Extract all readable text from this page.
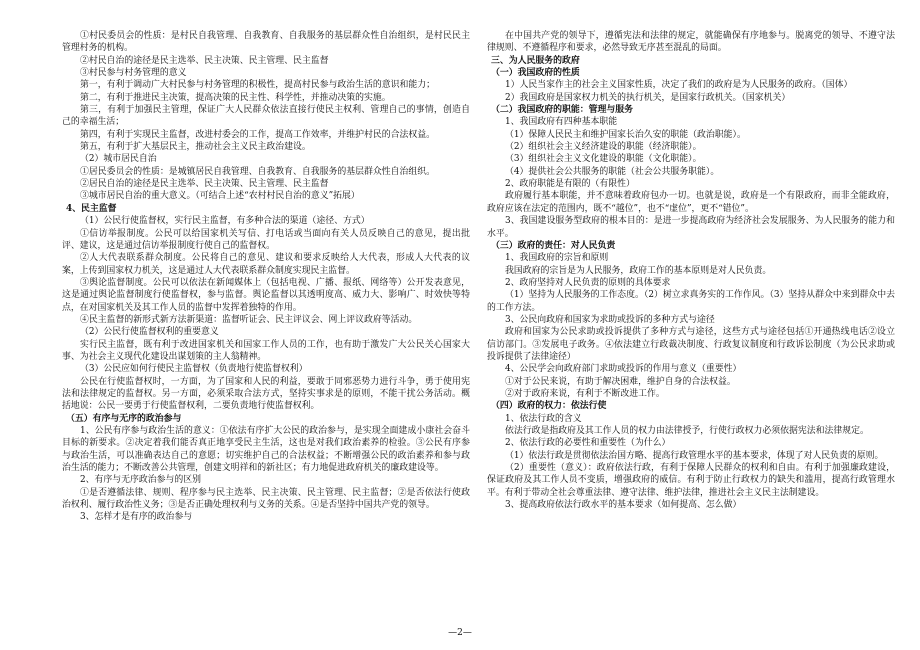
①村民委员会的性质：是村民自我管理、自我教育、自我服务的基层群众性自治组织，是村民民主管理村务的机构。

②村民自治的途径是民主选举、民主决策、民主管理、民主监督

③村民参与村务管理的意义

第一，有利于调动广大村民参与村务管理的积极性，提高村民参与政治生活的意识和能力；

第二，有利于推进民主决策，提高决策的民主性、科学性，并推动决策的实施。

第三，有利于加强民主管理，保证广大人民群众依法直接行使民主权利、管理自己的事情，创造自己的幸福生活；

第四，有利于实现民主监督，改进村委会的工作，提高工作效率，并维护村民的合法权益。

第五，有利于扩大基层民主，推动社会主义民主政治建设。

（2）城市居民自治

①居民委员会的性质：是城镇居民自我管理、自我教育、自我服务的基层群众性自治组织。

②居民自治的途径是民主选举、民主决策、民主管理、民主监督

③城市居民自治的重大意义。（可结合上述“农村村民自治的意义”拓展）

4、民主监督

（1）公民行使监督权，实行民主监督，有多种合法的渠道（途径、方式）

①信访举报制度。公民可以给国家机关写信、打电话或当面向有关人员反映自己的意见，提出批评、建议，这是通过信访举报制度行使自己的监督权。

②人大代表联系群众制度。公民将自己的意见、建议和要求反映给人大代表，形成人大代表的议案，上传到国家权力机关，这是通过人大代表联系群众制度实现民主监督。

③舆论监督制度。公民可以依法在新闻媒体上（包括电视、广播、报纸、网络等）公开发表意见，这是通过舆论监督制度行使监督权，参与监督。舆论监督以其透明度高、威力大、影响广、时效快等特点，在对国家机关及其工作人员的监督中发挥着独特的作用。

④民主监督的新形式新方法新渠道：监督听证会、民主评议会、网上评议政府等活动。

（2）公民行使监督权利的重要意义

实行民主监督，既有利于改进国家机关和国家工作人员的工作，也有助于激发广大公民关心国家大事、为社会主义现代化建设出谋划策的主人翁精神。

（3）公民应如何行使民主监督权（负责地行使监督权利）

公民在行使监督权时，一方面，为了国家和人民的利益，要敢于同邪恶势力进行斗争，勇于使用宪法和法律规定的监督权。另一方面，必须采取合法方式，坚持实事求是的原则，不能干扰公务活动。概括地说：公民一要勇于行使监督权利，二要负责地行使监督权利。

（五）有序与无序的政治参与

1、公民有序参与政治生活的意义：①依法有序扩大公民的政治参与，是实现全面建成小康社会奋斗目标的新要求。②决定着我们能否真正地享受民主生活，这也是对我们政治素养的检验。③公民有序参与政治生活，可以准确表达自己的意愿；切实维护自己的合法权益；不断增强公民的政治素养和参与政治生活的能力；不断改善公共管理，创建文明祥和的新社区；有力地促进政府机关的廉政建设等。

2、有序与无序政治参与的区别

①是否遵循法律、规则、程序参与民主选举、民主决策、民主管理、民主监督；②是否依法行使政治权利、履行政治性义务；③是否正确处理权利与义务的关系。④是否坚持中国共产党的领导。

3、怎样才是有序的政治参与

在中国共产党的领导下，遵循宪法和法律的规定，就能确保有序地参与。脱离党的领导、不遵守法律规则、不遵循程序和要求，必然导致无序甚至混乱的局面。

三、为人民服务的政府

（一）我国政府的性质

1）人民当家作主的社会主义国家性质，决定了我们的政府是为人民服务的政府。（国体）

2）我国政府是国家权力机关的执行机关，是国家行政机关。（国家机关）

（二）我国政府的职能：管理与服务

1、我国政府有四种基本职能

（1）保障人民民主和维护国家长治久安的职能（政治职能）。

（2）组织社会主义经济建设的职能（经济职能）。

（3）组织社会主义文化建设的职能（文化职能）。

（4）提供社会公共服务的职能（社会公共服务职能）。

2、政府职能是有限的（有限性）

政府履行基本职能，并不意味着政府包办一切。也就是说，政府是一个有限政府，而非全能政府，政府应该在法定的范围内，既不“越位”，也不“虚位”，更不“错位”。

3、我国建设服务型政府的根本目的：是进一步提高政府为经济社会发展服务、为人民服务的能力和水平。

（三）政府的责任：对人民负责

1、我国政府的宗旨和原则

我国政府的宗旨是为人民服务，政府工作的基本原则是对人民负责。

2、政府坚持对人民负责的原则的具体要求

（1）坚持为人民服务的工作态度。（2）树立求真务实的工作作风。（3）坚持从群众中来到群众中去的工作方法。

3、公民向政府和国家为求助或投诉的多种方式与途径

政府和国家为公民求助或投诉提供了多种方式与途径，这些方式与途径包括①开通热线电话②设立信访部门。③发展电子政务。④依法建立行政裁决制度、行政复议制度和行政诉讼制度（为公民求助或投诉提供了法律途径）

4、公民学会向政府部门求助或投诉的作用与意义（重要性）

①对于公民来说，有助于解决困难，维护自身的合法权益。

②对于政府来说，有利于不断改进工作。

（四）政府的权力：依法行使

1、依法行政的含义

依法行政是指政府及其工作人员的权力由法律授予，行使行政权力必须依据宪法和法律规定。

2、依法行政的必要性和重要性（为什么）

（1）依法行政是贯彻依法治国方略、提高行政管理水平的基本要求，体现了对人民负责的原则。

（2）重要性（意义）：政府依法行政，有利于保障人民群众的权利和自由。有利于加强廉政建设，保证政府及其工作人员不变质，增强政府的威信。有利于防止行政权力的缺失和滥用，提高行政管理水平。有利于带动全社会尊重法律、遵守法律、维护法律，推进社会主义民主法制建设。

3、提高政府依法行政水平的基本要求（如何提高、怎么做）

—2—
